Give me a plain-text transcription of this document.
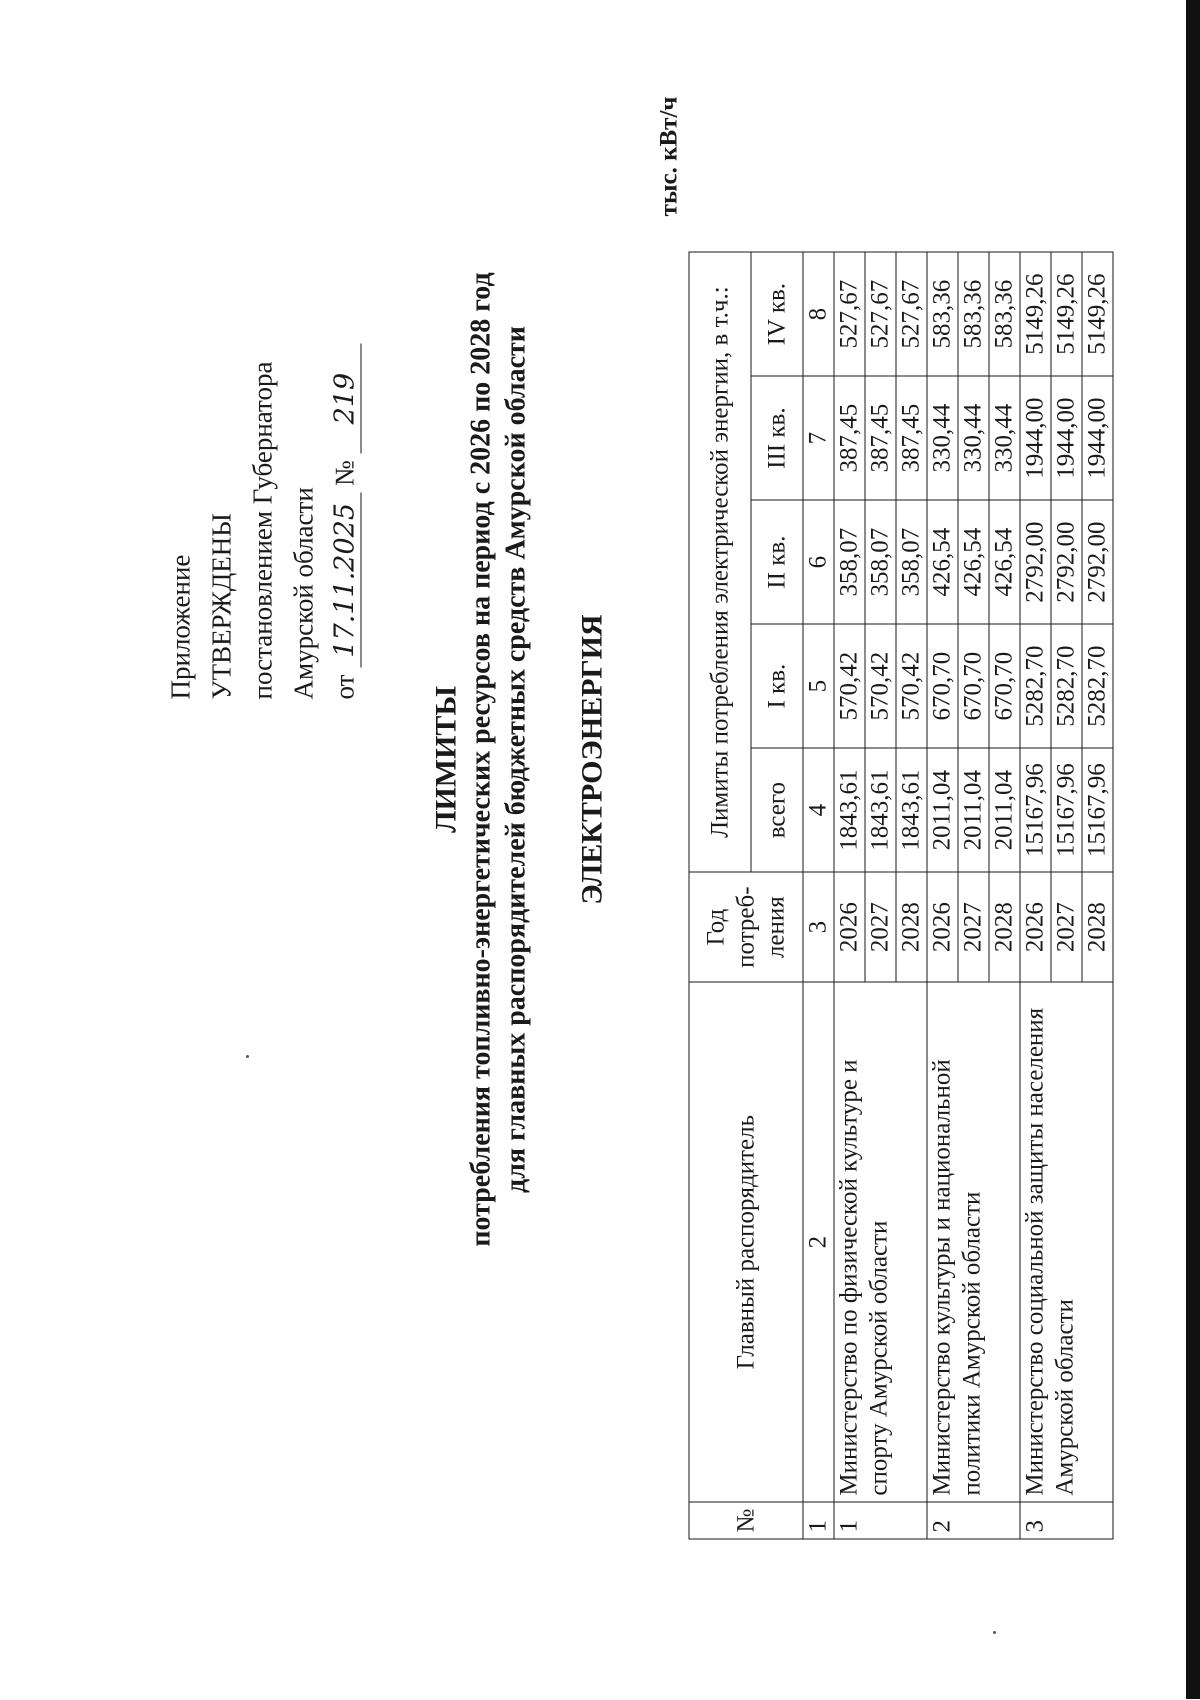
Приложение УТВЕРЖДЕНЫ постановлением Губернатора Амурской области от 17.11.2025 № 219
ЛИМИТЫ потребления топливно-энергетических ресурсов на период с 2026 по 2028 год для главных распорядителей бюджетных средств Амурской области ЭЛЕКТРОЭНЕРГИЯ
тыс. кВт/ч
№	Главный распорядитель	Год потреб-ления	Лимиты потребления электрической энергии, в т.ч.:				
			всего	I кв.	II кв.	III кв.	IV кв.
1	2	3	4	5	6	7	8
1	Министерство по физической культуре и спорту Амурской области	2026	1843,61	570,42	358,07	387,45	527,67
		2027	1843,61	570,42	358,07	387,45	527,67
		2028	1843,61	570,42	358,07	387,45	527,67
2	Министерство культуры и национальной политики Амурской области	2026	2011,04	670,70	426,54	330,44	583,36
		2027	2011,04	670,70	426,54	330,44	583,36
		2028	2011,04	670,70	426,54	330,44	583,36
3	Министерство социальной защиты населения Амурской области	2026	15167,96	5282,70	2792,00	1944,00	5149,26
		2027	15167,96	5282,70	2792,00	1944,00	5149,26
		2028	15167,96	5282,70	2792,00	1944,00	5149,26
